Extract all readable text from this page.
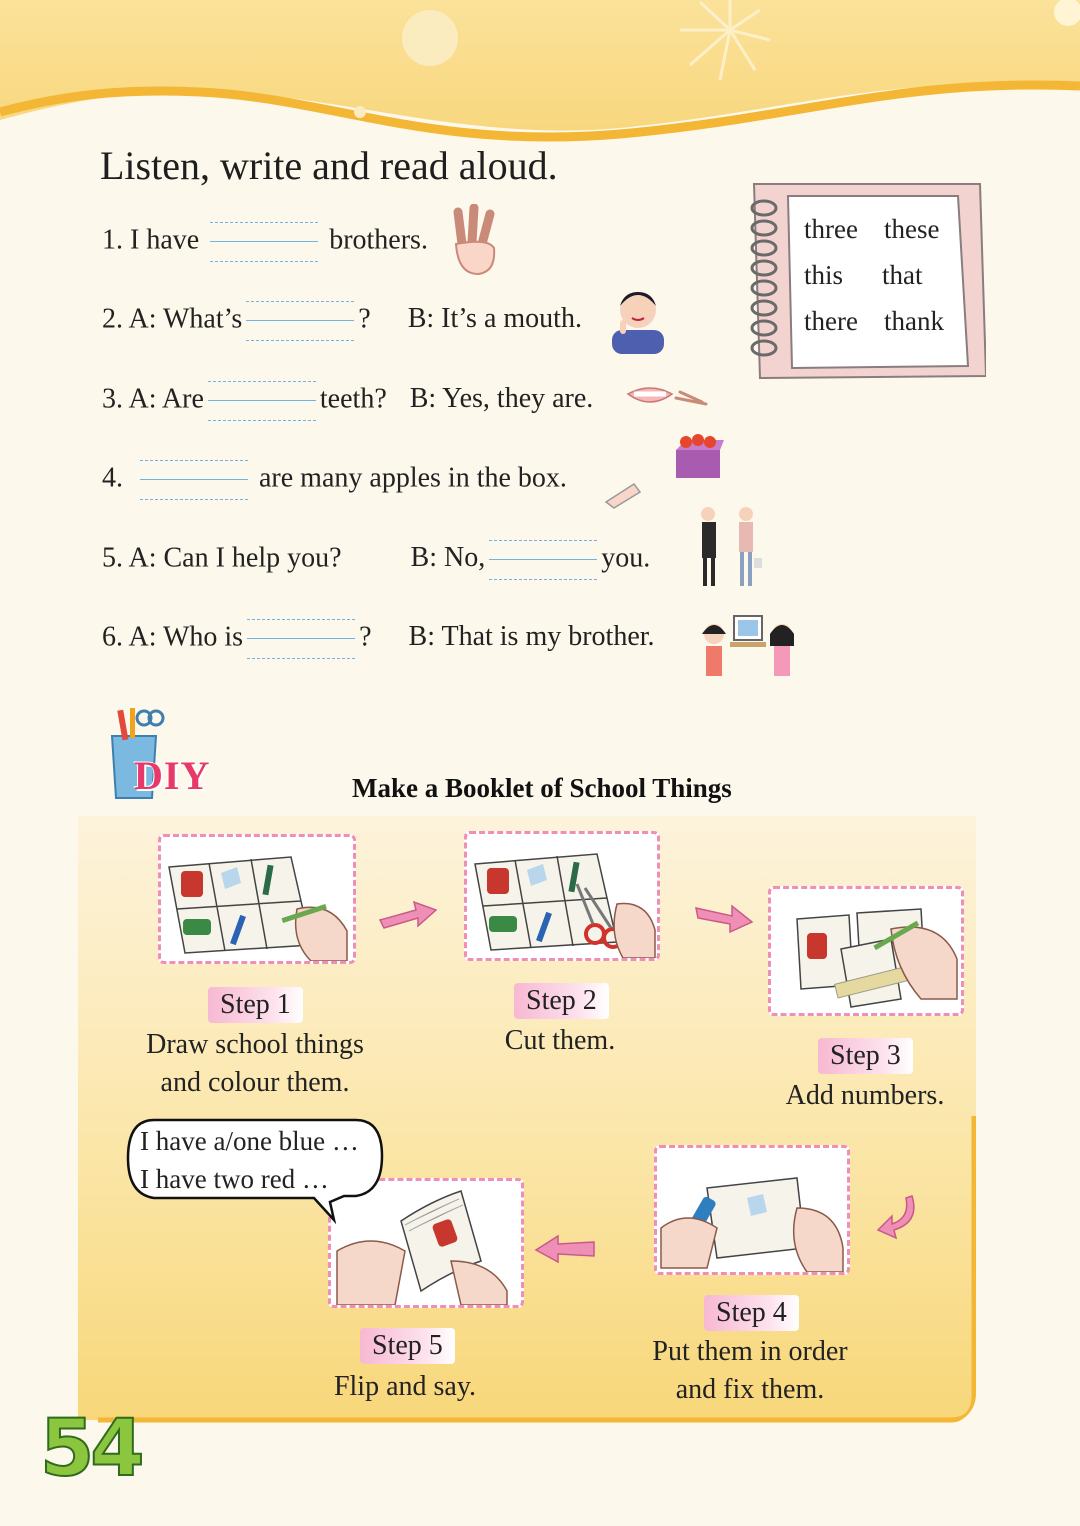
Listen, write and read aloud.
1. I have	brothers.
2. A: What’s	? B: It’s a mouth.
3. A: Are	teeth? B: Yes, they are.
4.	are many apples in the box.
5. A: Can I help you? B: No,	you.
6. A: Who is	? B: That is my brother.
three these
this that
there thank
DIY	Make a Booklet of School Things
Step 1
Draw school things
and colour them.
Step 2
Cut them.	Step 3
Add numbers.
Step 4
Put them in order
and fix them.
Step 5
Flip and say.
I have a/one blue …
I have two red …
54
